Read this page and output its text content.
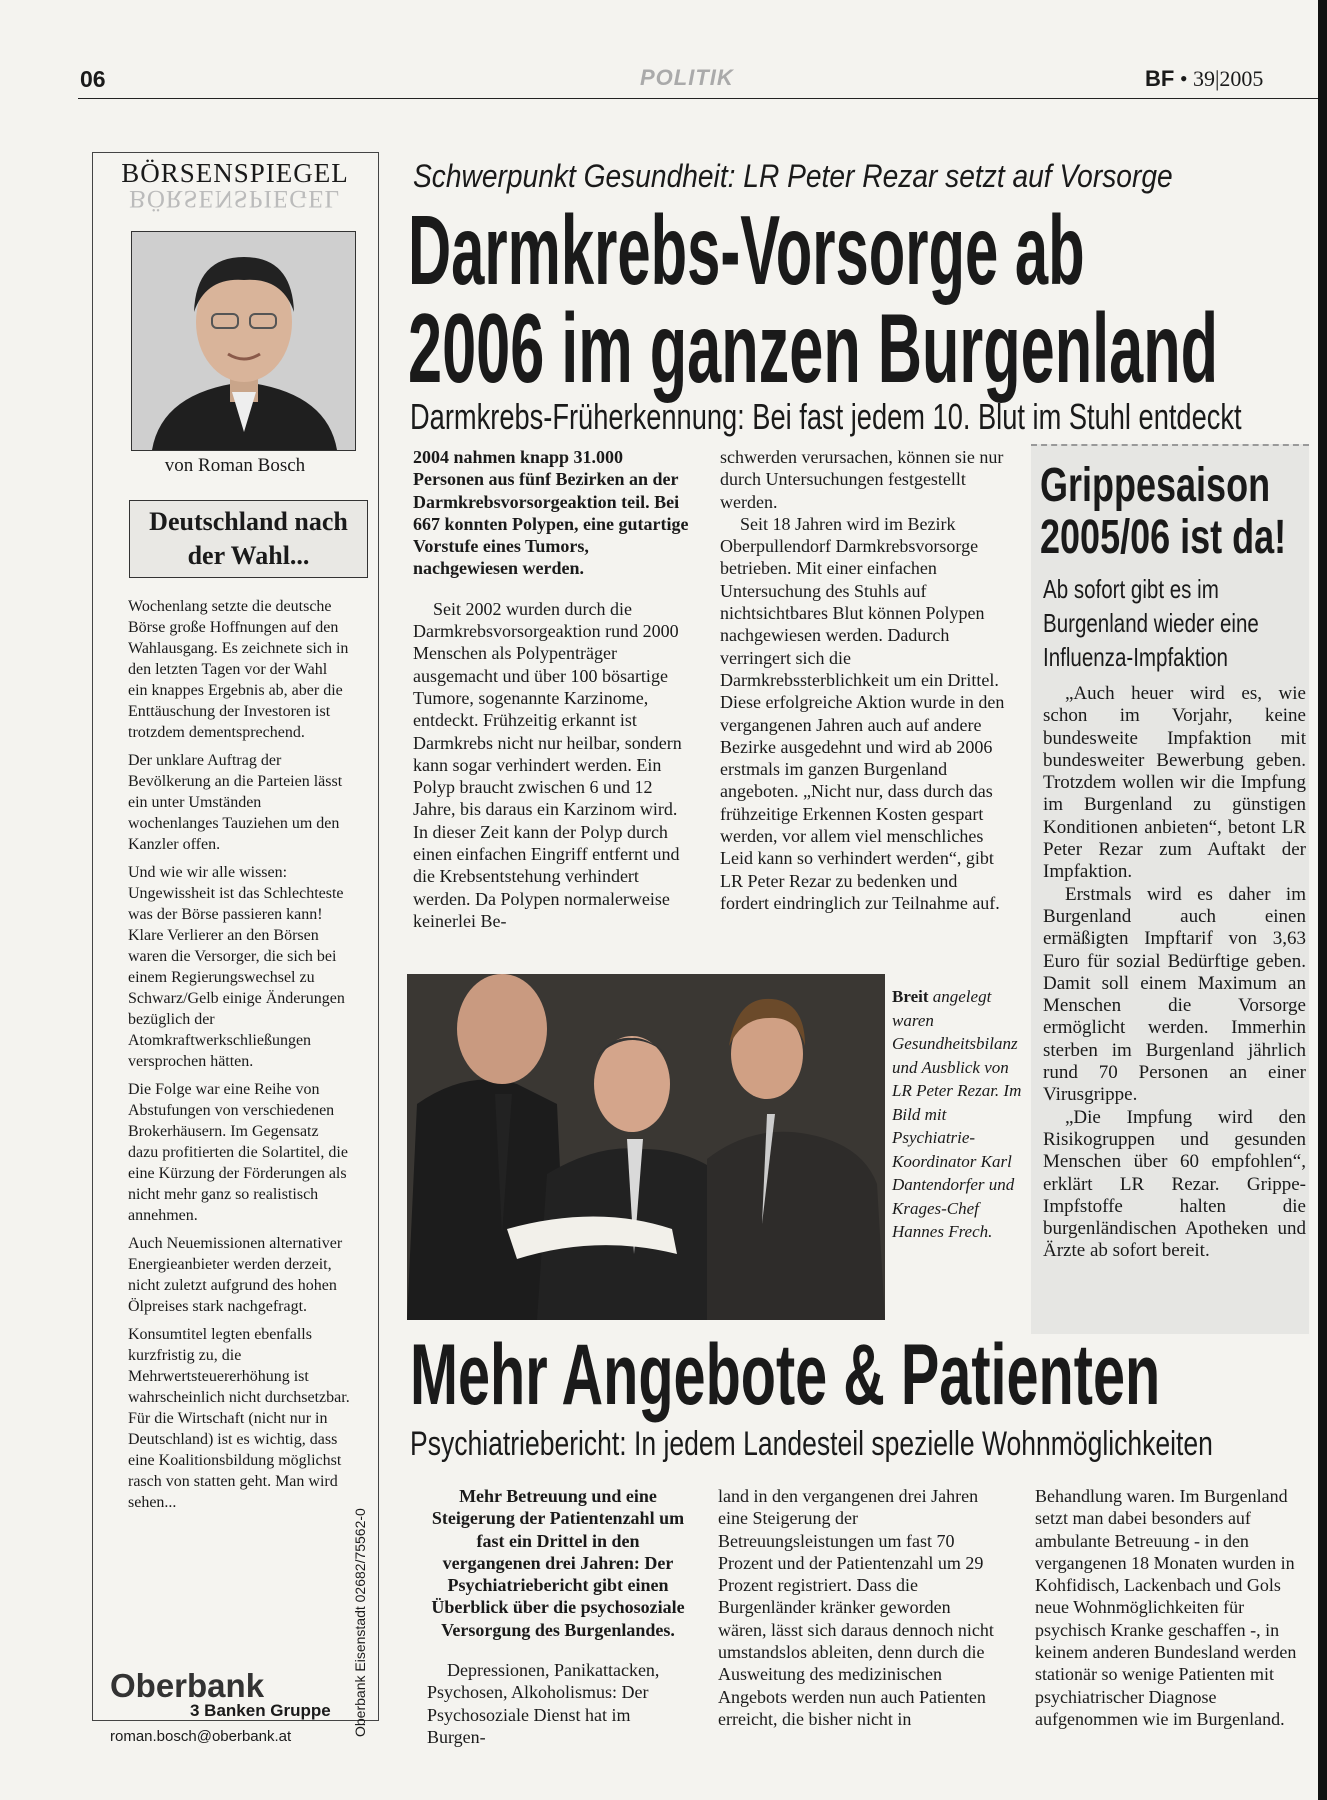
06	POLITIK	BF • 39|2005
BÖRSENSPIEGEL
BÖRSENSPIEGEL
von Roman Bosch
Deutschland nach der Wahl...

Wochenlang setzte die deutsche Börse große Hoffnungen auf den Wahlausgang. Es zeichnete sich in den letzten Tagen vor der Wahl ein knappes Ergebnis ab, aber die Enttäuschung der Investoren ist trotzdem dementsprechend.

Der unklare Auftrag der Bevölkerung an die Parteien lässt ein unter Umständen wochenlanges Tauziehen um den Kanzler offen.

Und wie wir alle wissen: Ungewissheit ist das Schlechteste was der Börse passieren kann! Klare Verlierer an den Börsen waren die Versorger, die sich bei einem Regierungswechsel zu Schwarz/Gelb einige Änderungen bezüglich der Atomkraftwerkschließungen versprochen hätten.

Die Folge war eine Reihe von Abstufungen von verschiedenen Brokerhäusern. Im Gegensatz dazu profitierten die Solartitel, die eine Kürzung der Förderungen als nicht mehr ganz so realistisch annehmen.

Auch Neuemissionen alternativer Energieanbieter werden derzeit, nicht zuletzt aufgrund des hohen Ölpreises stark nachgefragt.

Konsumtitel legten ebenfalls kurzfristig zu, die Mehrwertsteuererhöhung ist wahrscheinlich nicht durchsetzbar. Für die Wirtschaft (nicht nur in Deutschland) ist es wichtig, dass eine Koalitionsbildung möglichst rasch von statten geht. Man wird sehen...

Oberbank
3 Banken Gruppe
roman.bosch@oberbank.at	Oberbank Eisenstadt 02682/75562-0
Schwerpunkt Gesundheit: LR Peter Rezar setzt auf Vorsorge
Darmkrebs-Vorsorge ab
2006 im ganzen Burgenland
Darmkrebs-Früherkennung: Bei fast jedem 10. Blut im Stuhl entdeckt

2004 nahmen knapp 31.000 Personen aus fünf Bezirken an der Darmkrebsvorsorgeaktion teil. Bei 667 konnten Polypen, eine gutartige Vorstufe eines Tumors, nachgewiesen werden.

Seit 2002 wurden durch die Darmkrebsvorsorgeaktion rund 2000 Menschen als Polypenträger ausgemacht und über 100 bösartige Tumore, sogenannte Karzinome, entdeckt. Frühzeitig erkannt ist Darmkrebs nicht nur heilbar, sondern kann sogar verhindert werden. Ein Polyp braucht zwischen 6 und 12 Jahre, bis daraus ein Karzinom wird. In dieser Zeit kann der Polyp durch einen einfachen Eingriff entfernt und die Krebsentstehung verhindert werden. Da Polypen normalerweise keinerlei Be-

schwerden verursachen, können sie nur durch Untersuchungen festgestellt werden.

Seit 18 Jahren wird im Bezirk Oberpullendorf Darmkrebsvorsorge betrieben. Mit einer einfachen Untersuchung des Stuhls auf nichtsichtbares Blut können Polypen nachgewiesen werden. Dadurch verringert sich die Darmkrebssterblichkeit um ein Drittel. Diese erfolgreiche Aktion wurde in den vergangenen Jahren auch auf andere Bezirke ausgedehnt und wird ab 2006 erstmals im ganzen Burgenland angeboten. „Nicht nur, dass durch das frühzeitige Erkennen Kosten gespart werden, vor allem viel menschliches Leid kann so verhindert werden“, gibt LR Peter Rezar zu bedenken und fordert eindringlich zur Teilnahme auf.

Grippesaison
2005/06 ist da!
Ab sofort gibt es im Burgenland wieder eine Influenza-Impfaktion

„Auch heuer wird es, wie schon im Vorjahr, keine bundesweite Impfaktion mit bundesweiter Bewerbung geben. Trotzdem wollen wir die Impfung im Burgenland zu günstigen Konditionen anbieten“, betont LR Peter Rezar zum Auftakt der Impfaktion.

Erstmals wird es daher im Burgenland auch einen ermäßigten Impftarif von 3,63 Euro für sozial Bedürftige geben. Damit soll einem Maximum an Menschen die Vorsorge ermöglicht werden. Immerhin sterben im Burgenland jährlich rund 70 Personen an einer Virusgrippe.

„Die Impfung wird den Risikogruppen und gesunden Menschen über 60 empfohlen“, erklärt LR Rezar. Grippe-Impfstoffe halten die burgenländischen Apotheken und Ärzte ab sofort bereit.

Breit angelegt waren Gesundheitsbilanz und Ausblick von LR Peter Rezar. Im Bild mit Psychiatrie-Koordinator Karl Dantendorfer und Krages-Chef Hannes Frech.
Mehr Angebote & Patienten
Psychiatriebericht: In jedem Landesteil spezielle Wohnmöglichkeiten

Mehr Betreuung und eine Steigerung der Patientenzahl um fast ein Drittel in den vergangenen drei Jahren: Der Psychiatriebericht gibt einen Überblick über die psychosoziale Versorgung des Burgenlandes.

Depressionen, Panikattacken, Psychosen, Alkoholismus: Der Psychosoziale Dienst hat im Burgen-

land in den vergangenen drei Jahren eine Steigerung der Betreuungsleistungen um fast 70 Prozent und der Patientenzahl um 29 Prozent registriert. Dass die Burgenländer kränker geworden wären, lässt sich daraus dennoch nicht umstandslos ableiten, denn durch die Ausweitung des medizinischen Angebots werden nun auch Patienten erreicht, die bisher nicht in

Behandlung waren. Im Burgenland setzt man dabei besonders auf ambulante Betreuung - in den vergangenen 18 Monaten wurden in Kohfidisch, Lackenbach und Gols neue Wohnmöglichkeiten für psychisch Kranke geschaffen -, in keinem anderen Bundesland werden stationär so wenige Patienten mit psychiatrischer Diagnose aufgenommen wie im Burgenland.
